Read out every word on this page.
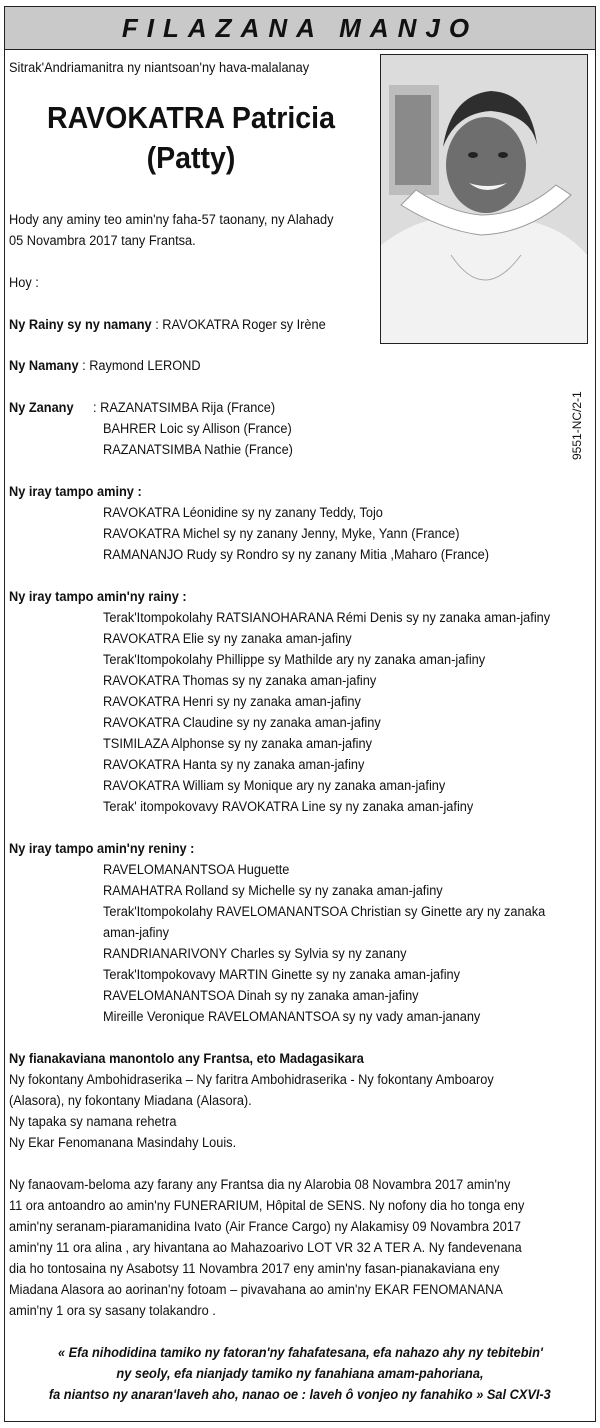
FILAZANA MANJO
Sitrak'Andriamanitra ny niantsoan'ny hava-malalanay
RAVOKATRA Patricia
(Patty)
Hody any aminy teo amin'ny faha-57 taonany, ny Alahady
05 Novambra 2017 tany Frantsa.
Hoy :
9551-NC/2-1
Ny Rainy sy ny namany : RAVOKATRA Roger sy Irène
Ny Namany : Raymond LEROND
Ny Zanany : RAZANATSIMBA Rija (France)
BAHRER Loic sy Allison (France)
RAZANATSIMBA Nathie (France)
Ny iray tampo aminy :
RAVOKATRA Léonidine sy ny zanany Teddy, Tojo
RAVOKATRA Michel sy ny zanany Jenny, Myke, Yann (France)
RAMANANJO Rudy sy Rondro sy ny zanany Mitia ,Maharo (France)
Ny iray tampo amin'ny rainy :
Terak'Itompokolahy RATSIANOHARANA Rémi Denis sy ny zanaka aman-jafiny
RAVOKATRA Elie sy ny zanaka aman-jafiny
Terak'Itompokolahy Phillippe sy Mathilde ary ny zanaka aman-jafiny
RAVOKATRA Thomas sy ny zanaka aman-jafiny
RAVOKATRA Henri sy ny zanaka aman-jafiny
RAVOKATRA Claudine sy ny zanaka aman-jafiny
TSIMILAZA Alphonse sy ny zanaka aman-jafiny
RAVOKATRA Hanta sy ny zanaka aman-jafiny
RAVOKATRA William sy Monique ary ny zanaka aman-jafiny
Terak' itompokovavy RAVOKATRA Line sy ny zanaka aman-jafiny
Ny iray tampo amin'ny reniny :
RAVELOMANANTSOA Huguette
RAMAHATRA Rolland sy Michelle sy ny zanaka aman-jafiny
Terak'Itompokolahy RAVELOMANANTSOA Christian sy Ginette ary ny zanaka
aman-jafiny
RANDRIANARIVONY Charles sy Sylvia sy ny zanany
Terak'Itompokovavy MARTIN Ginette sy ny zanaka aman-jafiny
RAVELOMANANTSOA Dinah sy ny zanaka aman-jafiny
Mireille Veronique RAVELOMANANTSOA sy ny vady aman-janany
Ny fianakaviana manontolo any Frantsa, eto Madagasikara
Ny fokontany Ambohidraserika – Ny faritra Ambohidraserika - Ny fokontany Amboaroy
(Alasora), ny fokontany Miadana (Alasora).
Ny tapaka sy namana rehetra
Ny Ekar Fenomanana Masindahy Louis.
Ny fanaovam-beloma azy farany any Frantsa dia ny Alarobia 08 Novambra 2017 amin'ny
11 ora antoandro ao amin'ny FUNERARIUM, Hôpital de SENS. Ny nofony dia ho tonga eny
amin'ny seranam-piaramanidina Ivato (Air France Cargo) ny Alakamisy 09 Novambra 2017
amin'ny 11 ora alina , ary hivantana ao Mahazoarivo LOT VR 32 A TER A. Ny fandevenana
dia ho tontosaina ny Asabotsy 11 Novambra 2017 eny amin'ny fasan-pianakaviana eny
Miadana Alasora ao aorinan'ny fotoam – pivavahana ao amin'ny EKAR FENOMANANA
amin'ny 1 ora sy sasany tolakandro .
« Efa nihodidina tamiko ny fatoran'ny fahafatesana, efa nahazo ahy ny tebitebin'
ny seoly, efa nianjady tamiko ny fanahiana amam-pahoriana,
fa niantso ny anaran'laveh aho, nanao oe : laveh ô vonjeo ny fanahiko » Sal CXVI-3
